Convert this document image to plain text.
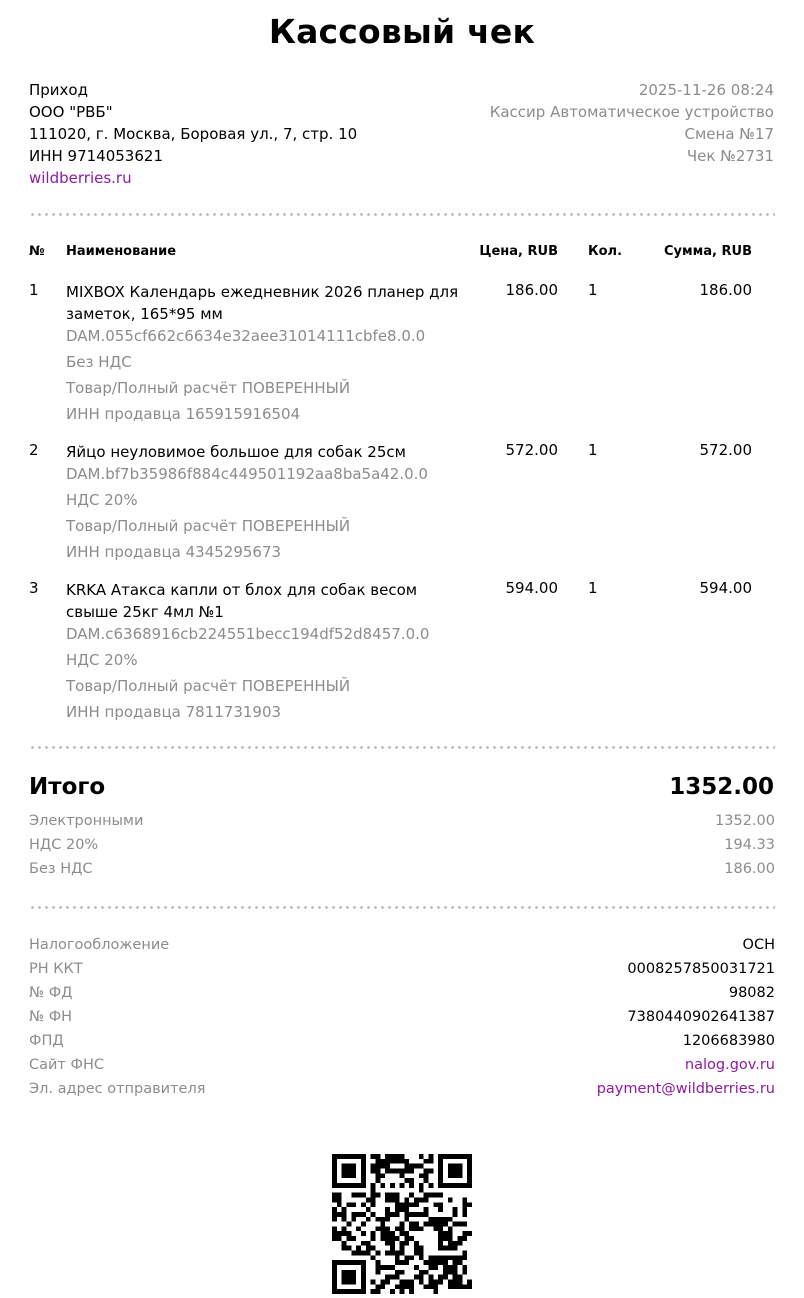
Кассовый чек
Приход
ООО "РВБ"
111020, г. Москва, Боровая ул., 7, стр. 10
ИНН 9714053621
wildberries.ru
2025-11-26 08:24
Кассир Автоматическое устройство
Смена №17
Чек №2731
№ Наименование	Цена, RUB Кол.	Сумма, RUB
1 MIXBOX Календарь ежедневник 2026 планер для заметок, 165*95 мм
DAM.055cf662c6634e32aee31014111cbfe8.0.0
Без НДС
Товар/Полный расчёт ПОВЕРЕННЫЙ
ИНН продавца 165915916504
186.00 1	186.00
2 Яйцо неуловимое большое для собак 25см
DAM.bf7b35986f884c449501192aa8ba5a42.0.0
НДС 20%
Товар/Полный расчёт ПОВЕРЕННЫЙ
ИНН продавца 4345295673
572.00 1	572.00
3 KRKA Атакса капли от блох для собак весом свыше 25кг 4мл №1
DAM.c6368916cb224551becc194df52d8457.0.0
НДС 20%
Товар/Полный расчёт ПОВЕРЕННЫЙ
ИНН продавца 7811731903
594.00 1	594.00
Итого	1352.00
Электронными	1352.00
НДС 20%	194.33
Без НДС	186.00
Налогообложение	ОСН
РН ККТ	0008257850031721
№ ФД	98082
№ ФН	7380440902641387
ФПД	1206683980
Сайт ФНС	nalog.gov.ru
Эл. адрес отправителя	payment@wildberries.ru
